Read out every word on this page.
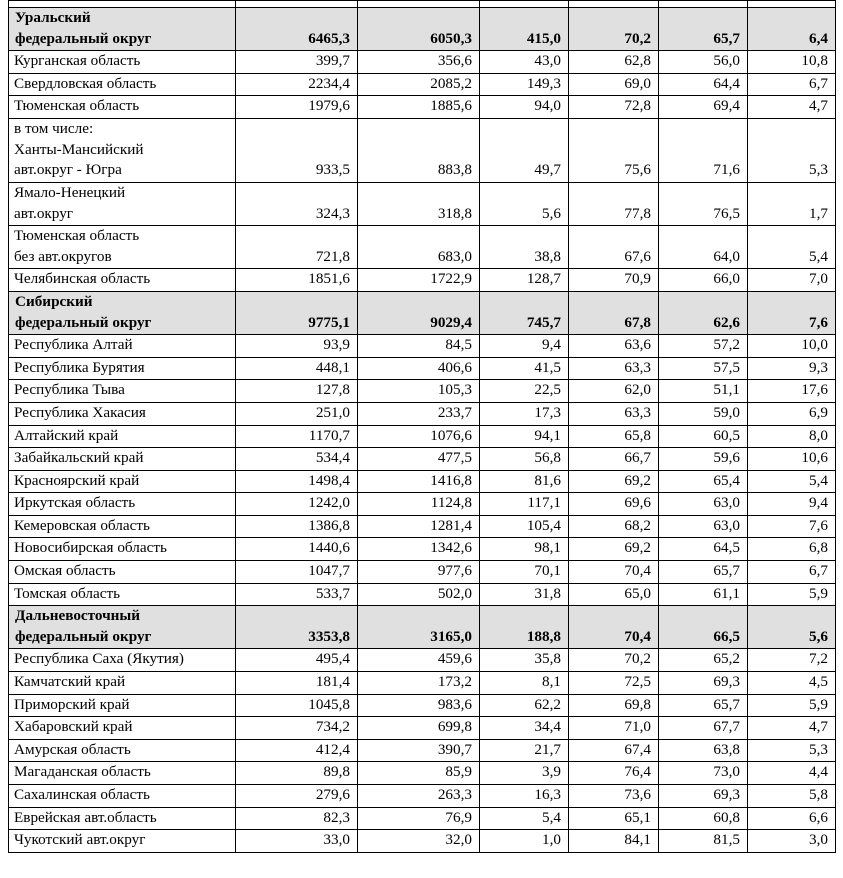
Уральский
федеральный округ	6465,3	6050,3	415,0	70,2	65,7	6,4
Курганская область	399,7	356,6	43,0	62,8	56,0	10,8
Свердловская область	2234,4	2085,2	149,3	69,0	64,4	6,7
Тюменская область	1979,6	1885,6	94,0	72,8	69,4	4,7
в том числе:
Ханты-Мансийский
авт.округ - Югра	933,5	883,8	49,7	75,6	71,6	5,3
Ямало-Ненецкий
авт.округ	324,3	318,8	5,6	77,8	76,5	1,7
Тюменская область
без авт.округов	721,8	683,0	38,8	67,6	64,0	5,4
Челябинская область	1851,6	1722,9	128,7	70,9	66,0	7,0
Сибирский
федеральный округ	9775,1	9029,4	745,7	67,8	62,6	7,6
Республика Алтай	93,9	84,5	9,4	63,6	57,2	10,0
Республика Бурятия	448,1	406,6	41,5	63,3	57,5	9,3
Республика Тыва	127,8	105,3	22,5	62,0	51,1	17,6
Республика Хакасия	251,0	233,7	17,3	63,3	59,0	6,9
Алтайский край	1170,7	1076,6	94,1	65,8	60,5	8,0
Забайкальский край	534,4	477,5	56,8	66,7	59,6	10,6
Красноярский край	1498,4	1416,8	81,6	69,2	65,4	5,4
Иркутская область	1242,0	1124,8	117,1	69,6	63,0	9,4
Кемеровская область	1386,8	1281,4	105,4	68,2	63,0	7,6
Новосибирская область	1440,6	1342,6	98,1	69,2	64,5	6,8
Омская область	1047,7	977,6	70,1	70,4	65,7	6,7
Томская область	533,7	502,0	31,8	65,0	61,1	5,9
Дальневосточный
федеральный округ	3353,8	3165,0	188,8	70,4	66,5	5,6
Республика Саха (Якутия)	495,4	459,6	35,8	70,2	65,2	7,2
Камчатский край	181,4	173,2	8,1	72,5	69,3	4,5
Приморский край	1045,8	983,6	62,2	69,8	65,7	5,9
Хабаровский край	734,2	699,8	34,4	71,0	67,7	4,7
Амурская область	412,4	390,7	21,7	67,4	63,8	5,3
Магаданская область	89,8	85,9	3,9	76,4	73,0	4,4
Сахалинская область	279,6	263,3	16,3	73,6	69,3	5,8
Еврейская авт.область	82,3	76,9	5,4	65,1	60,8	6,6
Чукотский авт.округ	33,0	32,0	1,0	84,1	81,5	3,0
